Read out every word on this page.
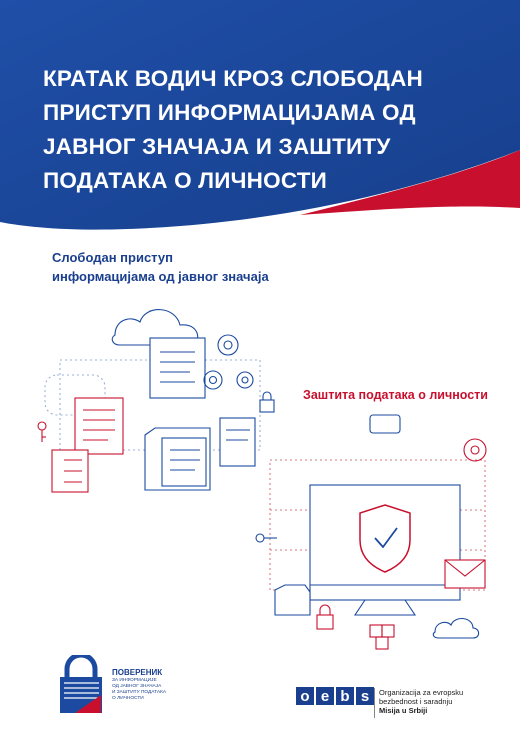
КРАТАК ВОДИЧ КРОЗ СЛОБОДАН
ПРИСТУП ИНФОРМАЦИЈАМА ОД
ЈАВНОГ ЗНАЧАЈА И ЗАШТИТУ
ПОДАТАКА О ЛИЧНОСТИ
Слободан приступ
информацијама од јавног значаја
Заштита података о личности
ПОВЕРЕНИК
ЗА ИНФОРМАЦИЈЕ
ОД ЈАВНОГ ЗНАЧАЈА
И ЗАШТИТУ ПОДАТАКА
О ЛИЧНОСТИ	o e b s	Organizacija za evropsku
bezbednost i saradnju
Misija u Srbiji
